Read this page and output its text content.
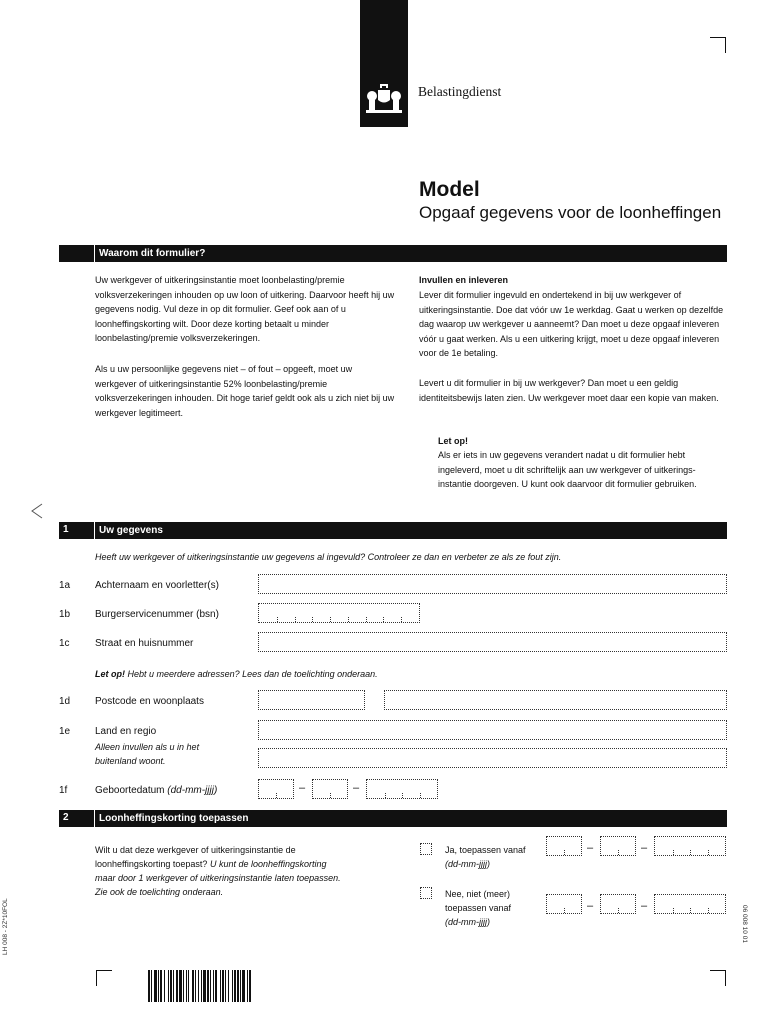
Belastingdienst
Model
Opgaaf gegevens voor de loonheffingen
Waarom dit formulier?
Uw werkgever of uitkeringsinstantie moet loonbelasting/premie volksverzekeringen inhouden op uw loon of uitkering. Daarvoor heeft hij uw gegevens nodig. Vul deze in op dit formulier. Geef ook aan of u loonheffingskorting wilt. Door deze korting betaalt u minder loonbelasting/premie volksverzekeringen.
Als u uw persoonlijke gegevens niet – of fout – opgeeft, moet uw werkgever of uitkeringsinstantie 52% loonbelasting/premie volksverzekeringen inhouden. Dit hoge tarief geldt ook als u zich niet bij uw werkgever legitimeert.
Invullen en inleveren
Lever dit formulier ingevuld en ondertekend in bij uw werkgever of uitkeringsinstantie. Doe dat vóór uw 1e werkdag. Gaat u werken op dezelfde dag waarop uw werkgever u aanneemt? Dan moet u deze opgaaf inleveren vóór u gaat werken. Als u een uitkering krijgt, moet u deze opgaaf inleveren voor de 1e betaling.
Levert u dit formulier in bij uw werkgever? Dan moet u een geldig identiteitsbewijs laten zien. Uw werkgever moet daar een kopie van maken.
Let op!
Als er iets in uw gegevens verandert nadat u dit formulier hebt ingeleverd, moet u dit schriftelijk aan uw werkgever of uitkerings-instantie doorgeven. U kunt ook daarvoor dit formulier gebruiken.
1	Uw gegevens
Heeft uw werkgever of uitkeringsinstantie uw gegevens al ingevuld? Controleer ze dan en verbeter ze als ze fout zijn.
1a Achternaam en voorletter(s)
1b Burgerservicenummer (bsn)
1c	Straat en huisnummer
Let op! Hebt u meerdere adressen? Lees dan de toelichting onderaan.
1d Postcode en woonplaats
1e Land en regio
Alleen invullen als u in het
buitenland woont.
1f	Geboortedatum (dd-mm-jjjj)	–	–
2	Loonheffingskorting toepassen
Wilt u dat deze werkgever of uitkeringsinstantie de
loonheffingskorting toepast? U kunt de loonheffingskorting
maar door 1 werkgever of uitkeringsinstantie laten toepassen.
Zie ook de toelichting onderaan.
Ja, toepassen vanaf
(dd-mm-jjjj)
–	–
Nee, niet (meer)
toepassen vanaf
(dd-mm-jjjj)
–	–
LH 008 - 2Z*10FOL	06 008 10 01
